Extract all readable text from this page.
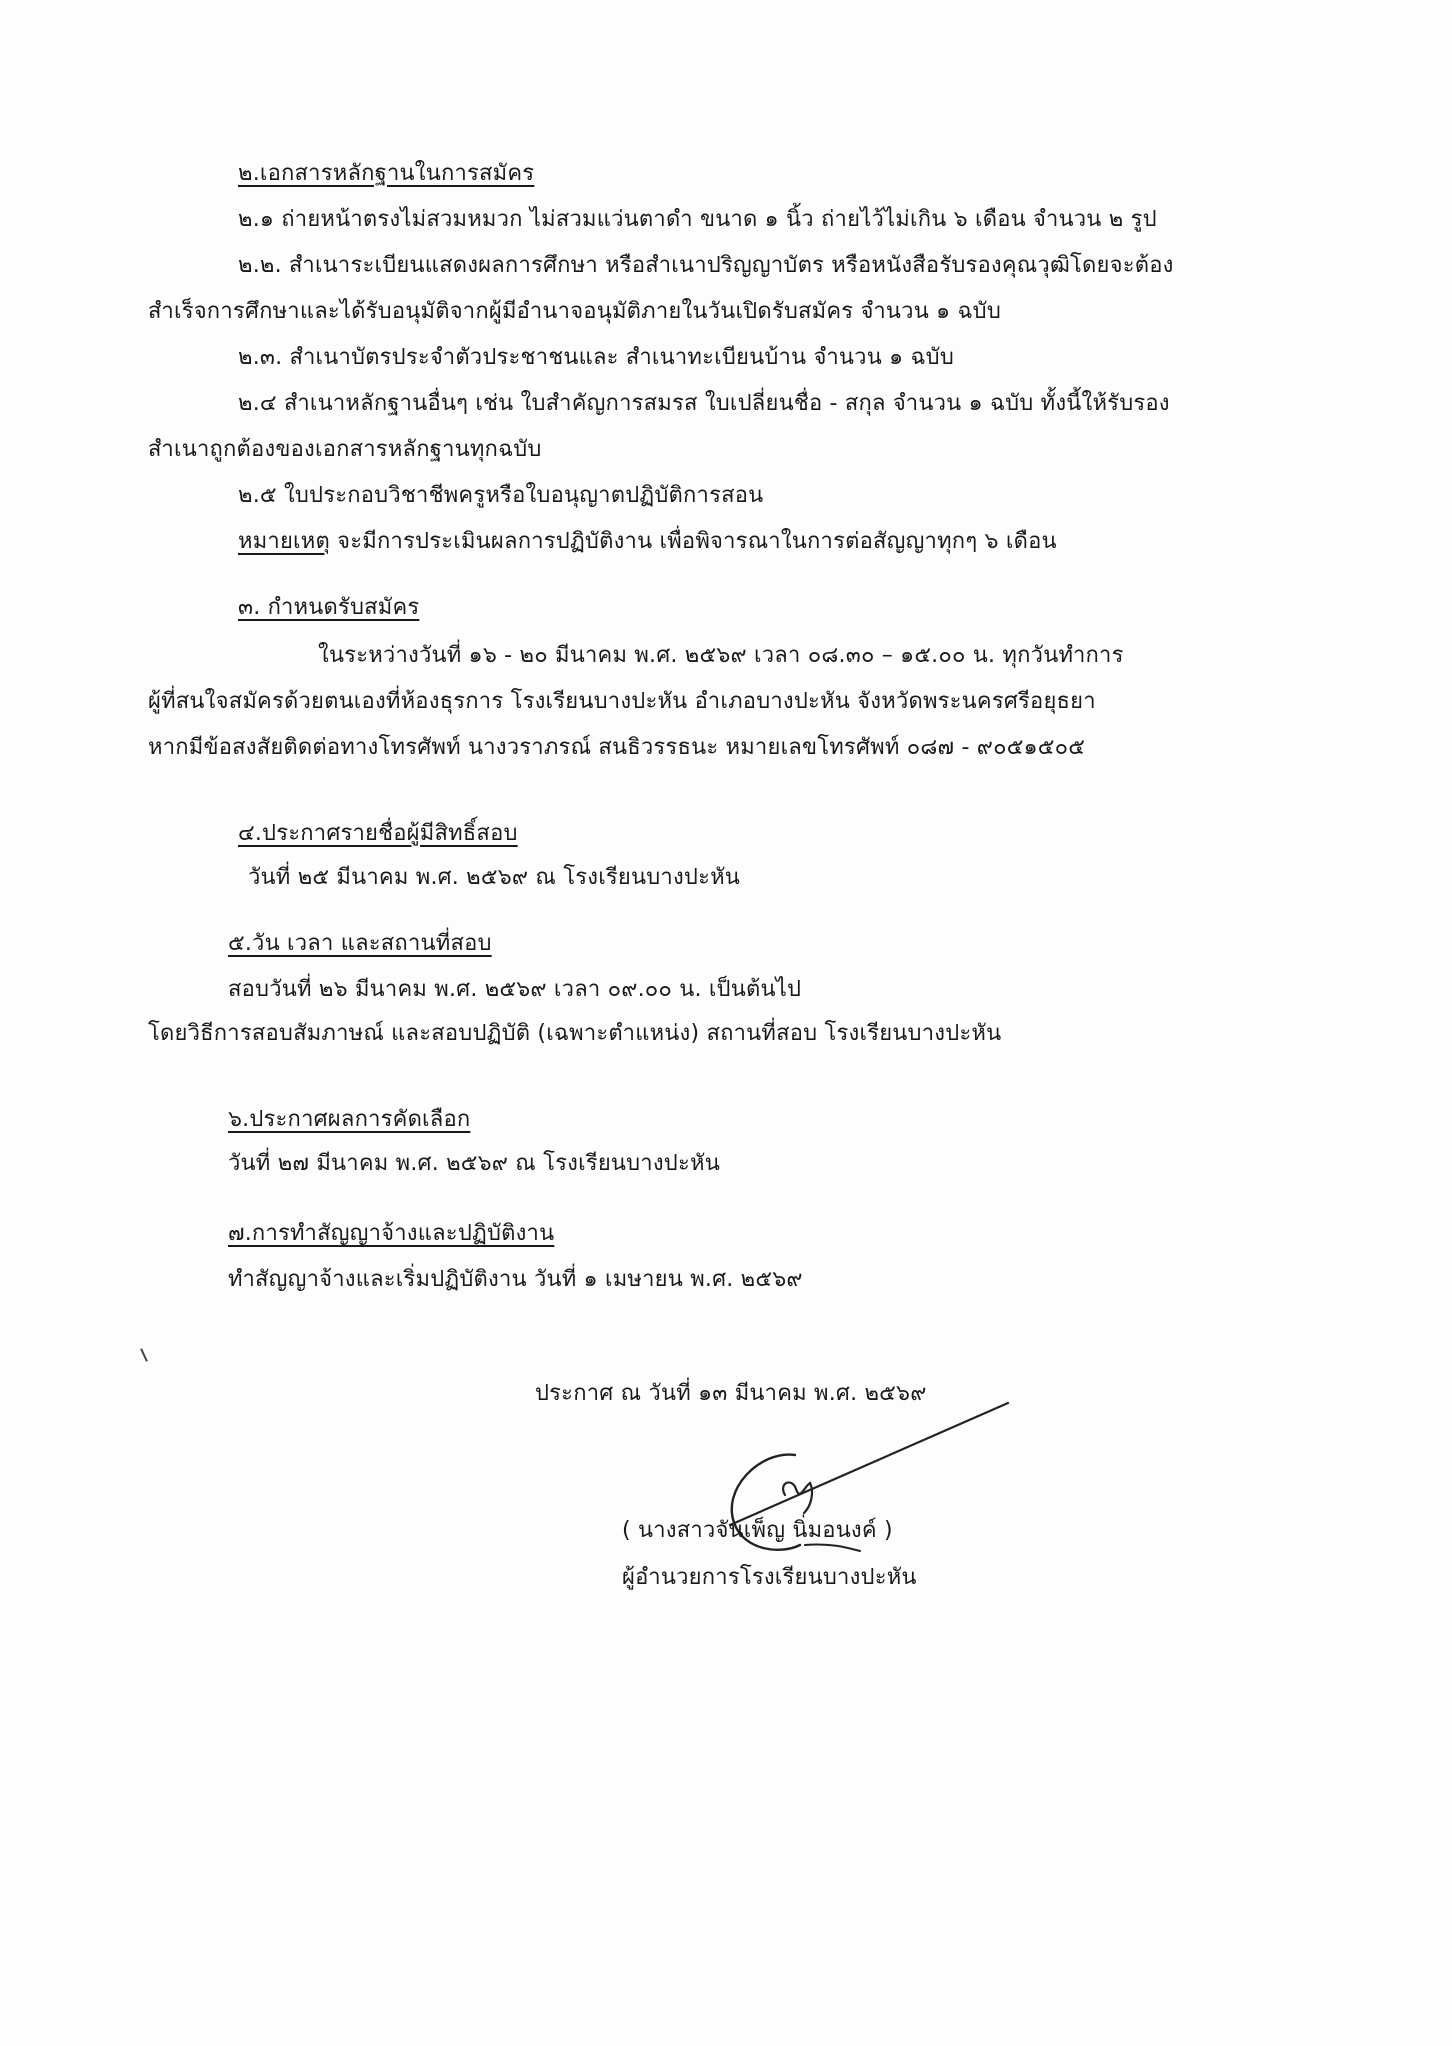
๒.เอกสารหลักฐานในการสมัคร
๒.๑ ถ่ายหน้าตรงไม่สวมหมวก ไม่สวมแว่นตาดำ ขนาด ๑ นิ้ว ถ่ายไว้ไม่เกิน ๖ เดือน จำนวน ๒ รูป
๒.๒. สำเนาระเบียนแสดงผลการศึกษา หรือสำเนาปริญญาบัตร หรือหนังสือรับรองคุณวุฒิโดยจะต้อง
สำเร็จการศึกษาและได้รับอนุมัติจากผู้มีอำนาจอนุมัติภายในวันเปิดรับสมัคร จำนวน ๑ ฉบับ
๒.๓. สำเนาบัตรประจำตัวประชาชนและ สำเนาทะเบียนบ้าน จำนวน ๑ ฉบับ
๒.๔ สำเนาหลักฐานอื่นๆ เช่น ใบสำคัญการสมรส ใบเปลี่ยนชื่อ - สกุล จำนวน ๑ ฉบับ ทั้งนี้ให้รับรอง
สำเนาถูกต้องของเอกสารหลักฐานทุกฉบับ
๒.๕ ใบประกอบวิชาชีพครูหรือใบอนุญาตปฏิบัติการสอน
หมายเหตุ จะมีการประเมินผลการปฏิบัติงาน เพื่อพิจารณาในการต่อสัญญาทุกๆ ๖ เดือน
๓. กำหนดรับสมัคร
ในระหว่างวันที่ ๑๖ - ๒๐ มีนาคม พ.ศ. ๒๕๖๙ เวลา ๐๘.๓๐ – ๑๕.๐๐ น. ทุกวันทำการ
ผู้ที่สนใจสมัครด้วยตนเองที่ห้องธุรการ โรงเรียนบางปะหัน อำเภอบางปะหัน จังหวัดพระนครศรีอยุธยา
หากมีข้อสงสัยติดต่อทางโทรศัพท์ นางวราภรณ์ สนธิวรรธนะ หมายเลขโทรศัพท์ ๐๘๗ - ๙๐๕๑๕๐๕
๔.ประกาศรายชื่อผู้มีสิทธิ์สอบ
วันที่ ๒๕ มีนาคม พ.ศ. ๒๕๖๙ ณ โรงเรียนบางปะหัน
๕.วัน เวลา และสถานที่สอบ
สอบวันที่ ๒๖ มีนาคม พ.ศ. ๒๕๖๙ เวลา ๐๙.๐๐ น. เป็นต้นไป
โดยวิธีการสอบสัมภาษณ์ และสอบปฏิบัติ (เฉพาะตำแหน่ง) สถานที่สอบ โรงเรียนบางปะหัน
๖.ประกาศผลการคัดเลือก
วันที่ ๒๗ มีนาคม พ.ศ. ๒๕๖๙ ณ โรงเรียนบางปะหัน
๗.การทำสัญญาจ้างและปฏิบัติงาน
ทำสัญญาจ้างและเริ่มปฏิบัติงาน วันที่ ๑ เมษายน พ.ศ. ๒๕๖๙
ประกาศ ณ วันที่ ๑๓ มีนาคม พ.ศ. ๒๕๖๙
( นางสาวจันเพ็ญ นิ่มอนงค์ )
ผู้อำนวยการโรงเรียนบางปะหัน
